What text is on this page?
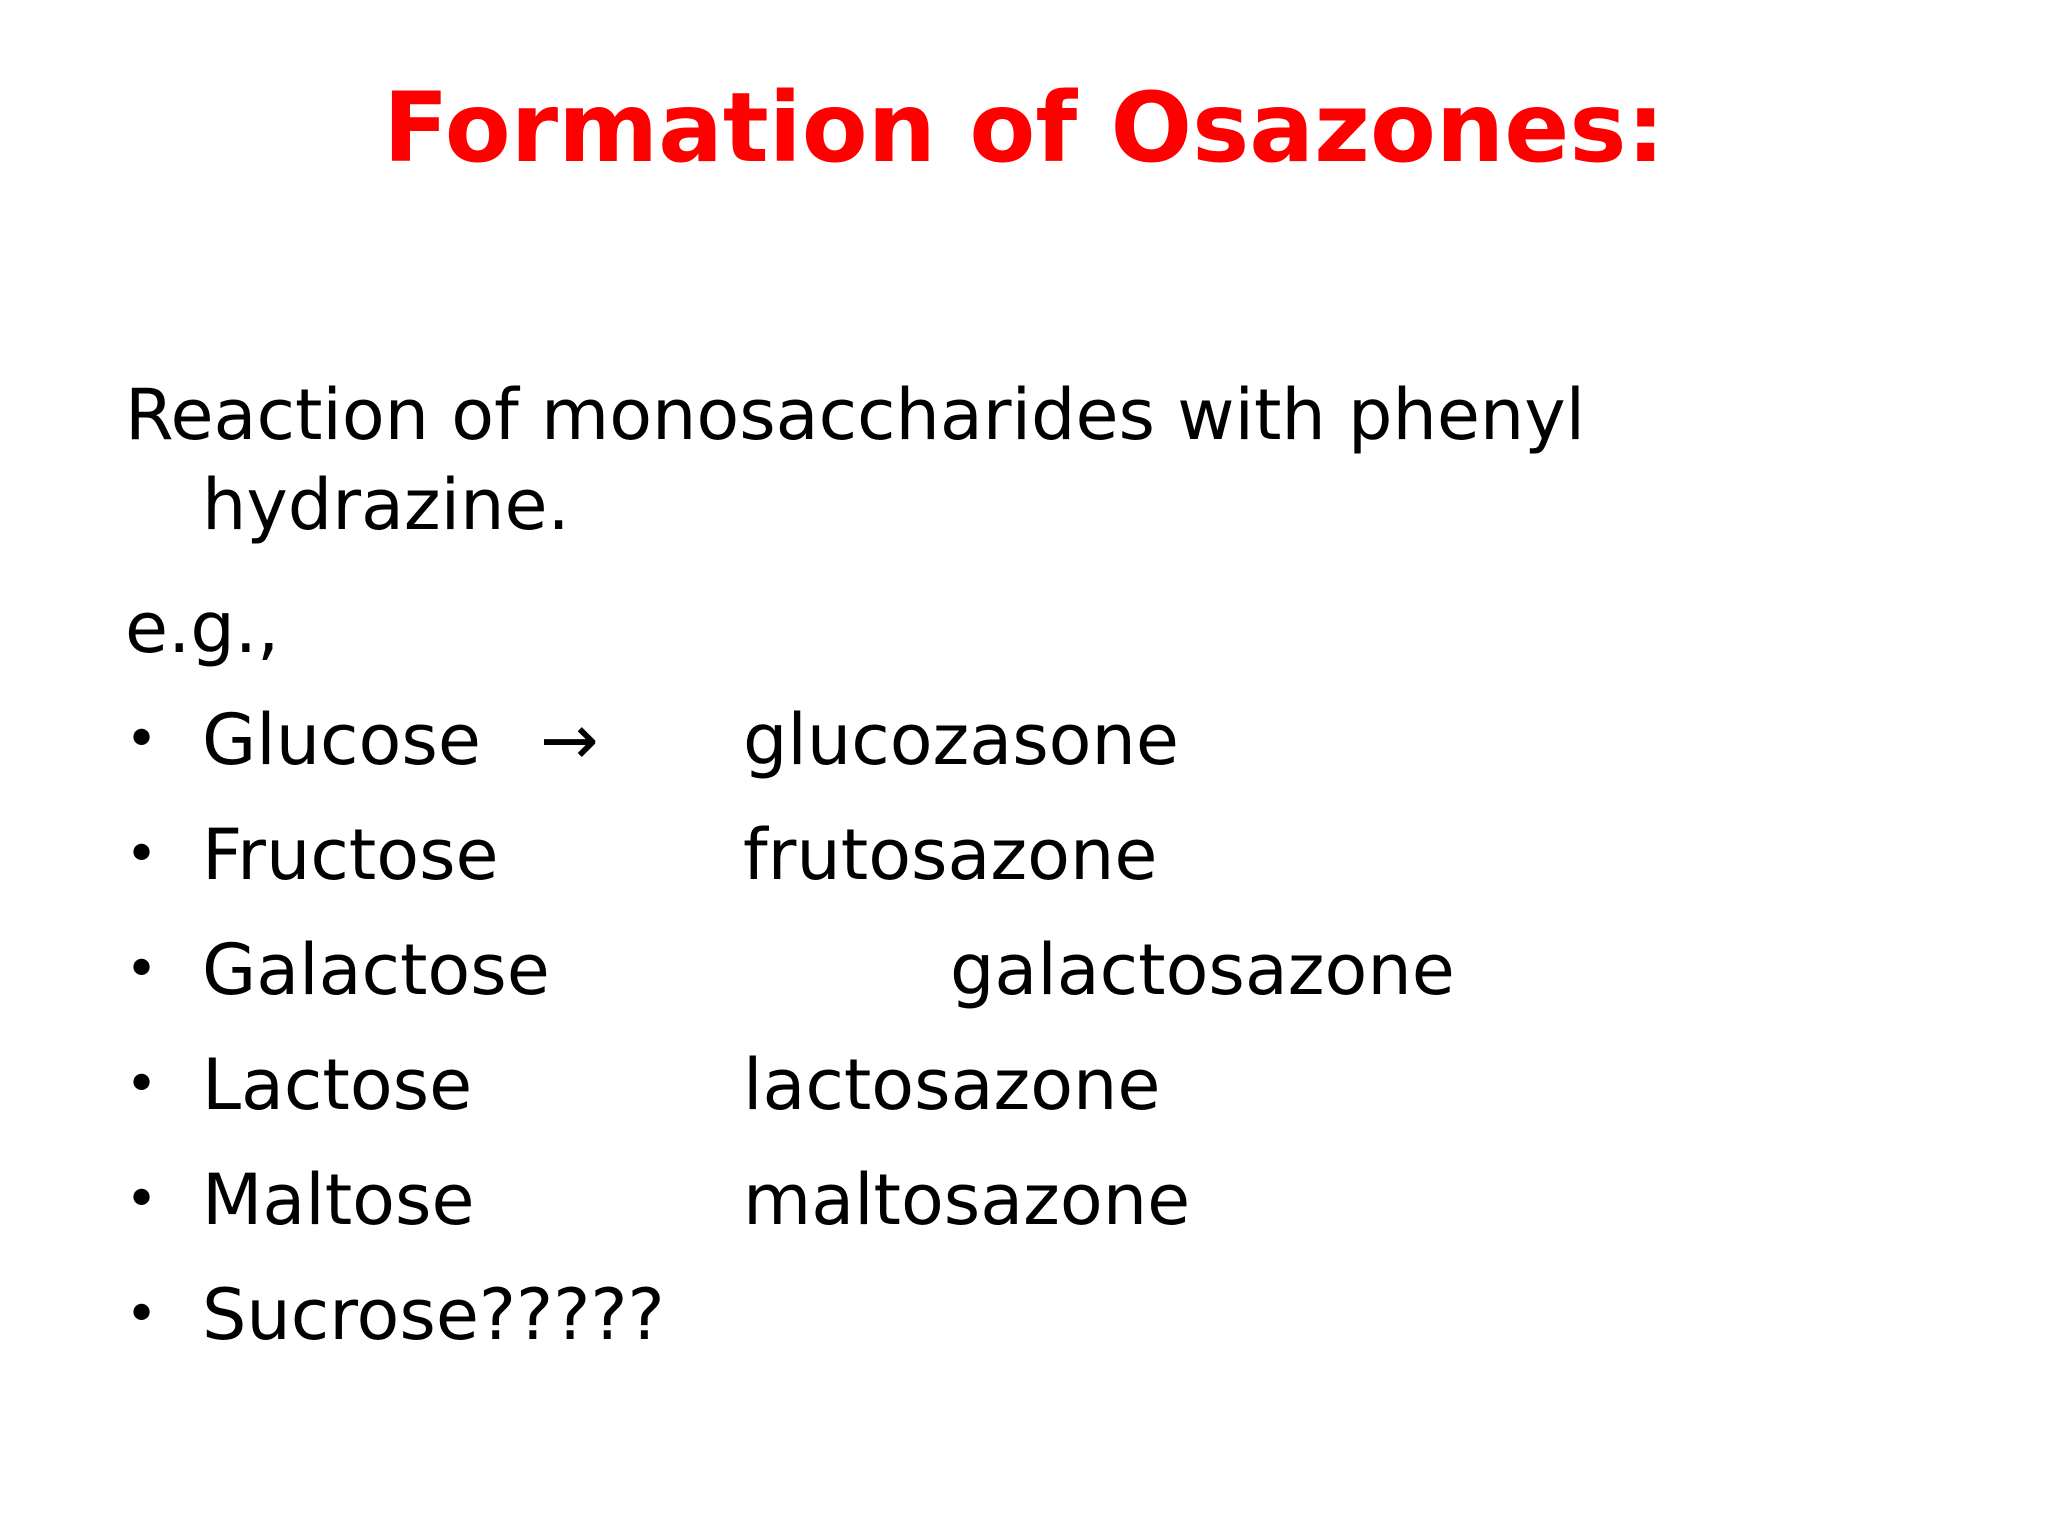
Formation of Osazones:
Reaction of monosaccharides with phenyl
hydrazine.
e.g.,
• Glucose → glucozasone
• Fructose	frutosazone
• Galactose	galactosazone
• Lactose	lactosazone
• Maltose	maltosazone
• Sucrose?????
